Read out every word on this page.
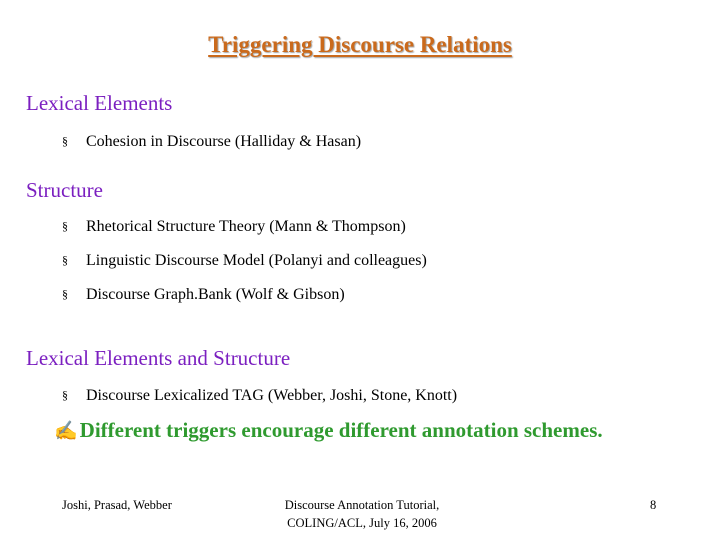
Triggering Discourse Relations
Lexical Elements
§ Cohesion in Discourse (Halliday & Hasan)
Structure
§ Rhetorical Structure Theory (Mann & Thompson)
§ Linguistic Discourse Model (Polanyi and colleagues)
§ Discourse Graph.Bank (Wolf & Gibson)
Lexical Elements and Structure
§ Discourse Lexicalized TAG (Webber, Joshi, Stone, Knott)
✍Different triggers encourage different annotation schemes.
Joshi, Prasad, Webber	Discourse Annotation Tutorial,
COLING/ACL, July 16, 2006
8
